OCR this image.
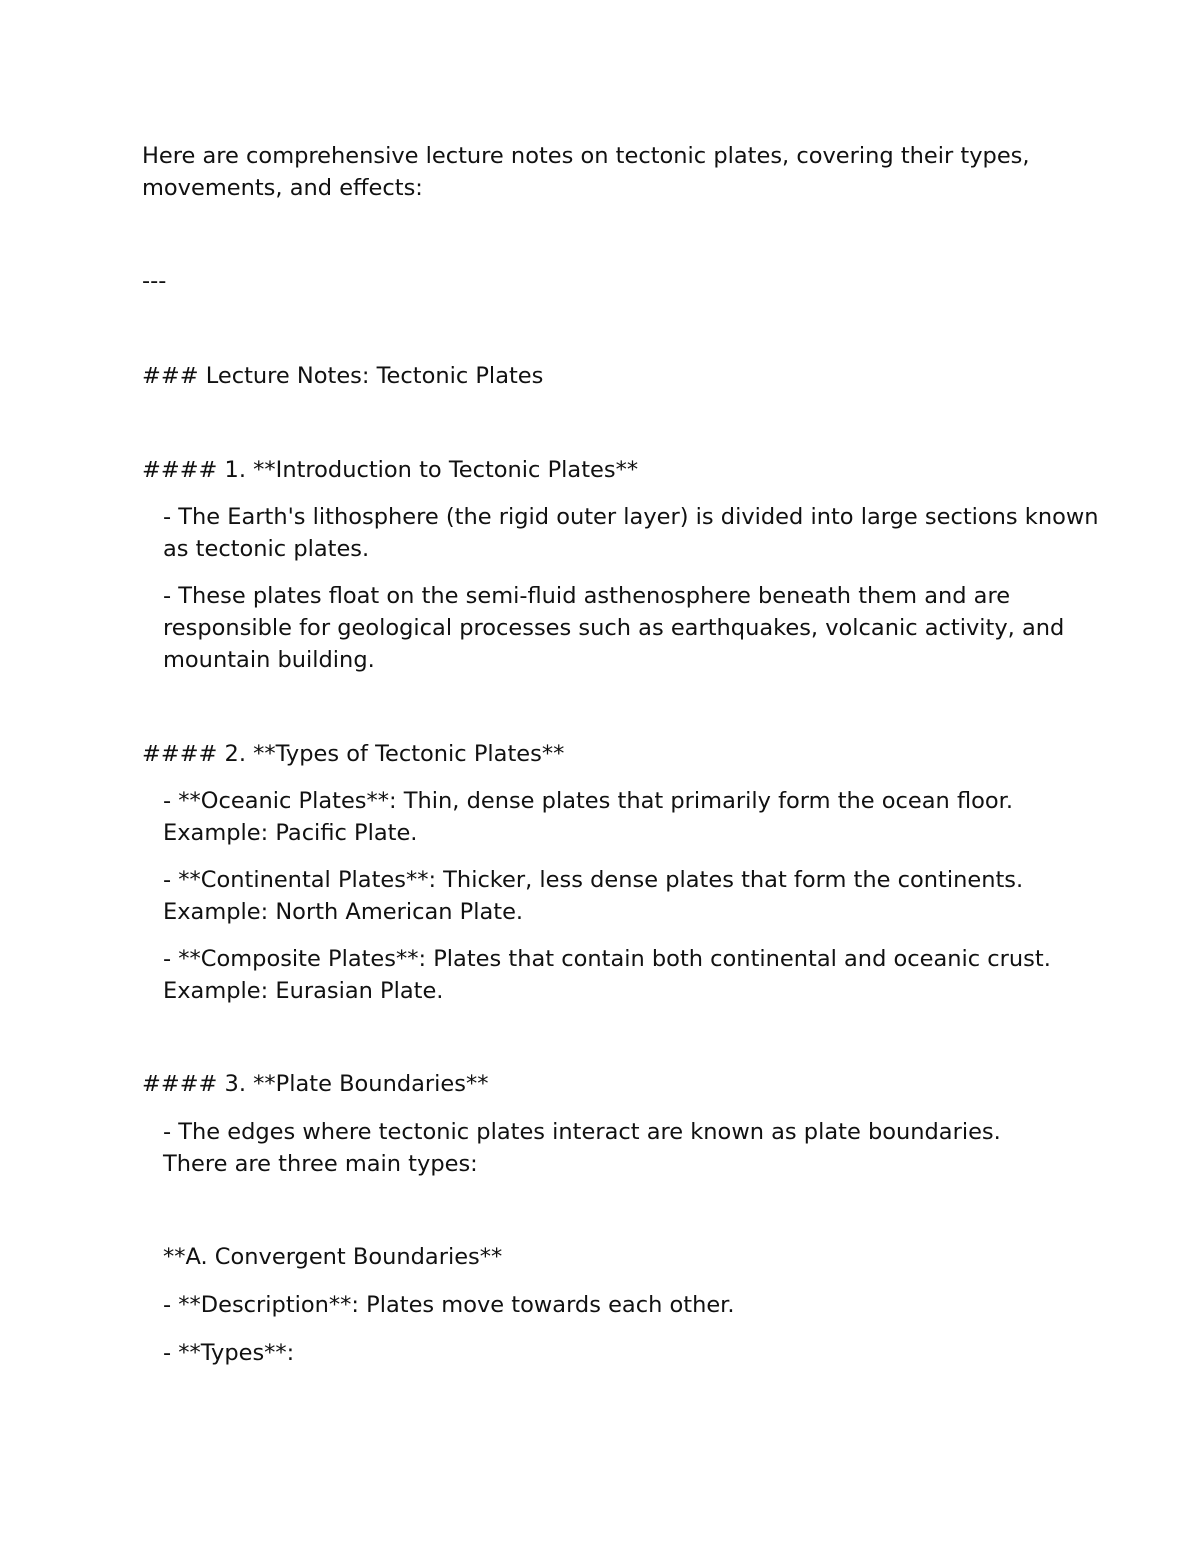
Here are comprehensive lecture notes on tectonic plates, covering their types, movements, and effects:

---

### Lecture Notes: Tectonic Plates

#### 1. **Introduction to Tectonic Plates**

- The Earth's lithosphere (the rigid outer layer) is divided into large sections known as tectonic plates.

- These plates float on the semi-fluid asthenosphere beneath them and are responsible for geological processes such as earthquakes, volcanic activity, and mountain building.

#### 2. **Types of Tectonic Plates**

- **Oceanic Plates**: Thin, dense plates that primarily form the ocean floor. Example: Pacific Plate.

- **Continental Plates**: Thicker, less dense plates that form the continents. Example: North American Plate.

- **Composite Plates**: Plates that contain both continental and oceanic crust. Example: Eurasian Plate.

#### 3. **Plate Boundaries**

- The edges where tectonic plates interact are known as plate boundaries. There are three main types:

**A. Convergent Boundaries**

- **Description**: Plates move towards each other.

- **Types**:
